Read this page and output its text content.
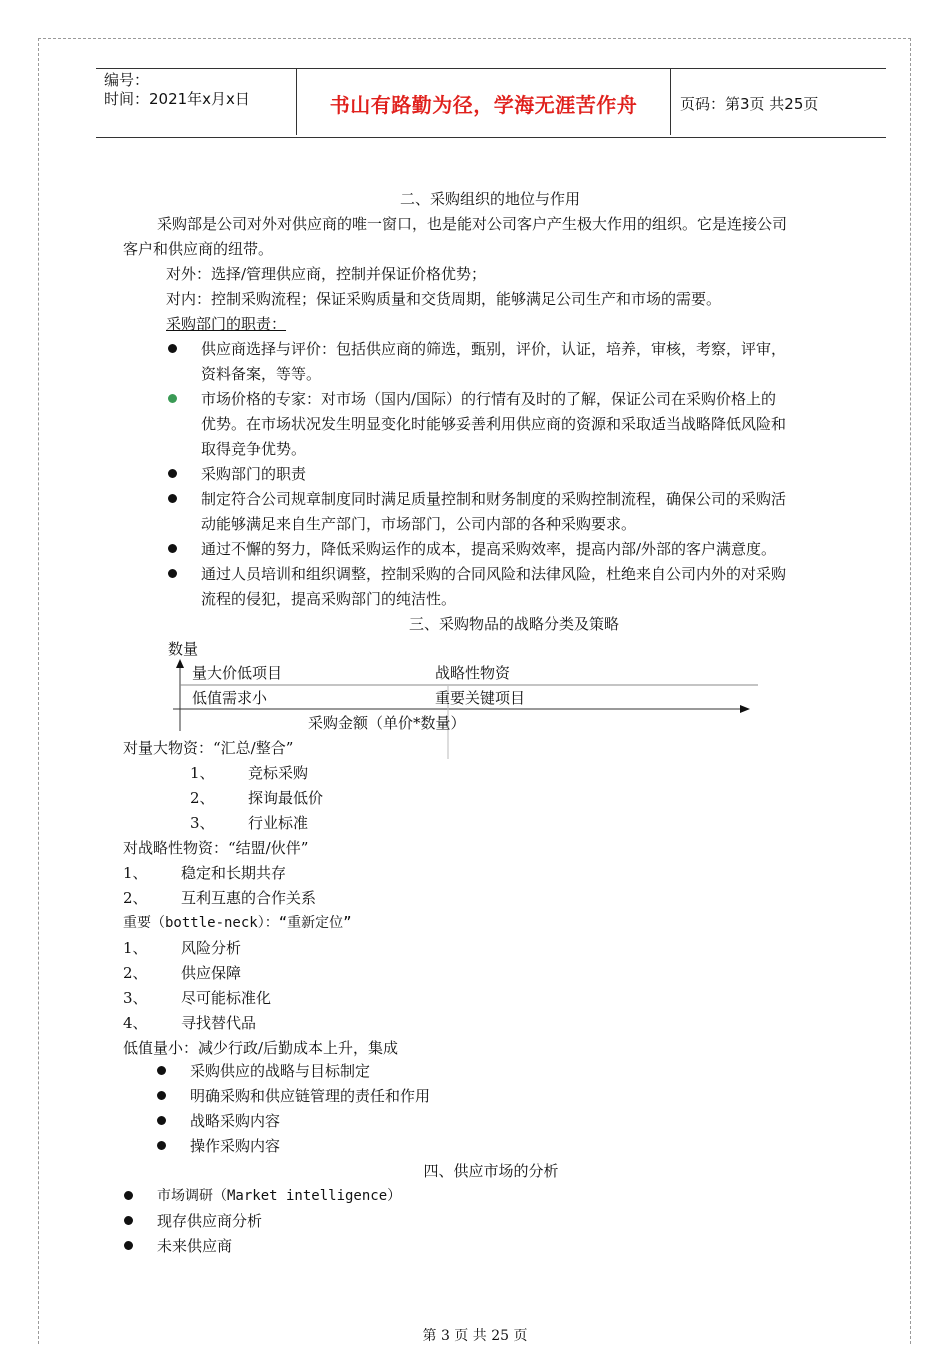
编号：
时间：2021年x月x日	书山有路勤为径，学海无涯苦作舟	页码：第3页 共25页
二、采购组织的地位与作用
采购部是公司对外对供应商的唯一窗口，也是能对公司客户产生极大作用的组织。它是连接公司
客户和供应商的纽带。
对外：选择/管理供应商，控制并保证价格优势；
对内：控制采购流程；保证采购质量和交货周期，能够满足公司生产和市场的需要。
采购部门的职责：
供应商选择与评价：包括供应商的筛选，甄别，评价，认证，培养，审核，考察，评审，
资料备案，等等。
市场价格的专家：对市场（国内/国际）的行情有及时的了解，保证公司在采购价格上的
优势。在市场状况发生明显变化时能够妥善利用供应商的资源和采取适当战略降低风险和
取得竞争优势。
采购部门的职责
制定符合公司规章制度同时满足质量控制和财务制度的采购控制流程，确保公司的采购活
动能够满足来自生产部门，市场部门，公司内部的各种采购要求。
通过不懈的努力，降低采购运作的成本，提高采购效率，提高内部/外部的客户满意度。
通过人员培训和组织调整，控制采购的合同风险和法律风险，杜绝来自公司内外的对采购
流程的侵犯，提高采购部门的纯洁性。
三、采购物品的战略分类及策略
数量
量大价低项目	战略性物资
低值需求小	重要关键项目
采购金额（单价*数量）
对量大物资：“汇总/整合”
1、 竞标采购
2、 探询最低价
3、 行业标准
对战略性物资：“结盟/伙伴”
1、 稳定和长期共存
2、 互利互惠的合作关系
重要（bottle-neck）：“重新定位”
1、 风险分析
2、 供应保障
3、 尽可能标准化
4、 寻找替代品
低值量小：减少行政/后勤成本上升，集成
采购供应的战略与目标制定
明确采购和供应链管理的责任和作用
战略采购内容
操作采购内容
四、供应市场的分析
市场调研（Market intelligence）
现存供应商分析
未来供应商
第 3 页 共 25 页
